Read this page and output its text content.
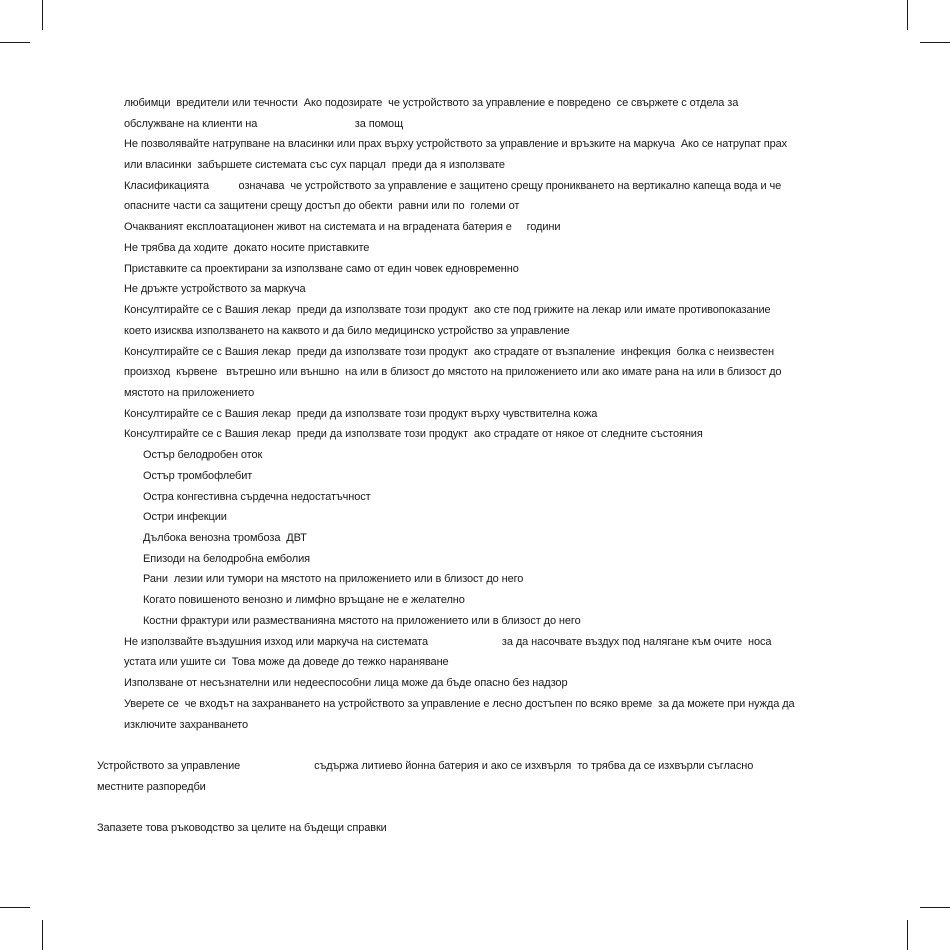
любимци  вредители или течности  Ако подозирате  че устройството за управление е повредено  се свържете с отдела за
обслужване на клиенти на                                 за помощ
Не позволявайте натрупване на власинки или прах върху устройството за управление и връзките на маркуча  Ако се натрупат прах
или власинки  забършете системата със сух парцал  преди да я използвате
Класификацията          означава  че устройството за управление е защитено срещу проникването на вертикално капеща вода и че
опасните части са защитени срещу достъп до обекти  равни или по  големи от
Очакваният експлоатационен живот на системата и на вградената батерия е     години
Не трябва да ходите  докато носите приставките
Приставките са проектирани за използване само от един човек едновременно
Не дръжте устройството за маркуча
Консултирайте се с Вашия лекар  преди да използвате този продукт  ако сте под грижите на лекар или имате противопоказание
което изисква използването на каквото и да било медицинско устройство за управление
Консултирайте се с Вашия лекар  преди да използвате този продукт  ако страдате от възпаление  инфекция  болка с неизвестен
произход  кървене   вътрешно или външно  на или в близост до мястото на приложението или ако имате рана на или в близост до
мястото на приложението
Консултирайте се с Вашия лекар  преди да използвате този продукт върху чувствителна кожа
Консултирайте се с Вашия лекар  преди да използвате този продукт  ако страдате от някое от следните състояния
Остър белодробен оток
Остър тромбофлебит
Остра конгестивна сърдечна недостатъчност
Остри инфекции
Дълбока венозна тромбоза  ДВТ
Епизоди на белодробна емболия
Рани  лезии или тумори на мястото на приложението или в близост до него
Когато повишеното венозно и лимфно връщане не е желателно
Костни фрактури или разместванияна мястото на приложението или в близост до него
Не използвайте въздушния изход или маркуча на системата                         за да насочвате въздух под налягане към очите  носа
устата или ушите си  Това може да доведе до тежко нараняване
Използване от несъзнателни или недееспособни лица може да бъде опасно без надзор
Уверете се  че входът на захранването на устройството за управление е лесно достъпен по всяко време  за да можете при нужда да
изключите захранването
Устройството за управление                         съдържа литиево йонна батерия и ако се изхвърля  то трябва да се изхвърли съгласно
местните разпоредби
Запазете това ръководство за целите на бъдещи справки
